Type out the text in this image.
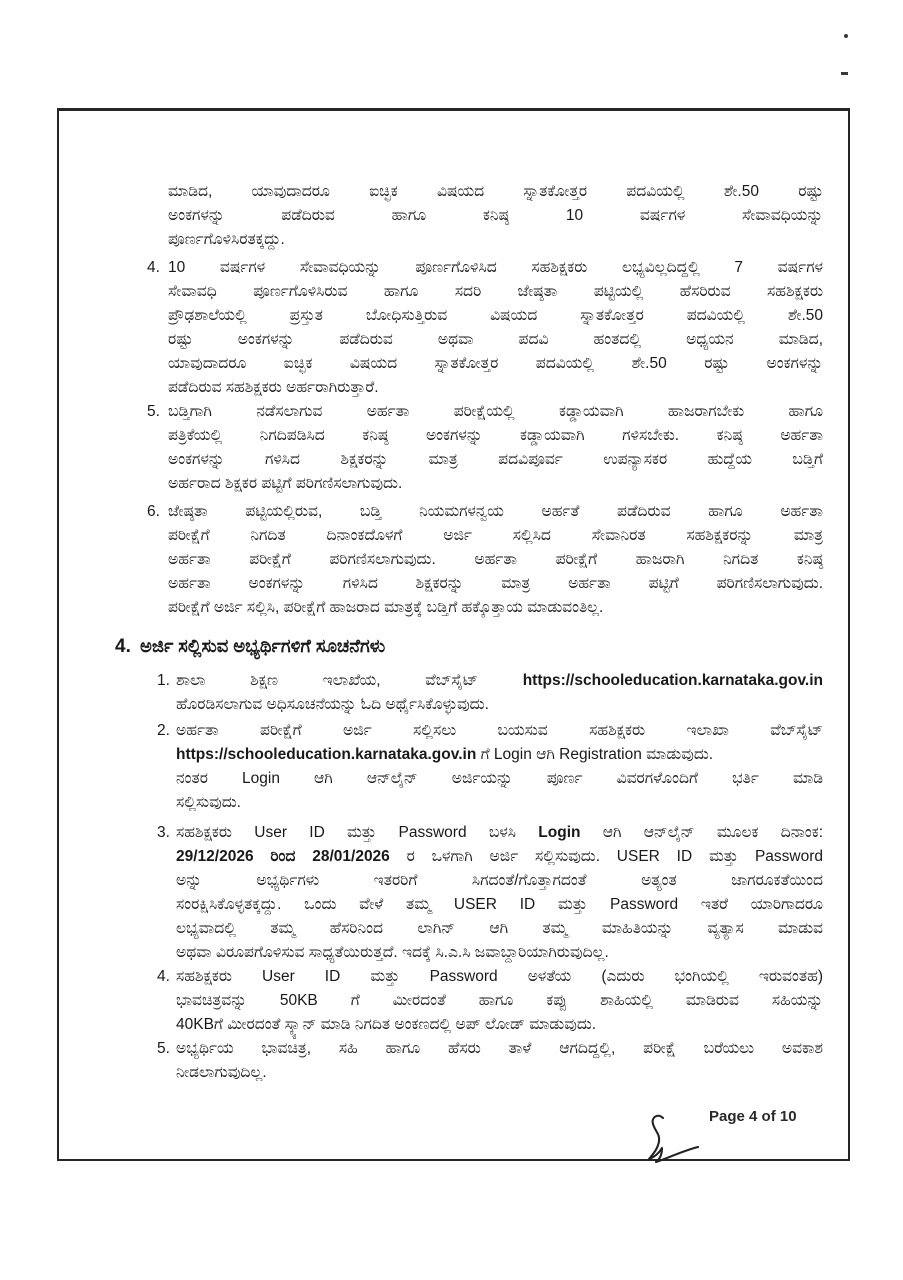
ಮಾಡಿದ, ಯಾವುದಾದರೂ ಐಚ್ಛಿಕ ವಿಷಯದ ಸ್ನಾತಕೋತ್ತರ ಪದವಿಯಲ್ಲಿ ಶೇ.50 ರಷ್ಟು
ಅಂಕಗಳನ್ನು ಪಡೆದಿರುವ ಹಾಗೂ ಕನಿಷ್ಠ 10 ವರ್ಷಗಳ ಸೇವಾವಧಿಯನ್ನು
ಪೂರ್ಣಗೊಳಿಸಿರತಕ್ಕದ್ದು.
4. 10 ವರ್ಷಗಳ ಸೇವಾವಧಿಯನ್ನು ಪೂರ್ಣಗೊಳಿಸಿದ ಸಹಶಿಕ್ಷಕರು ಲಭ್ಯವಿಲ್ಲದಿದ್ದಲ್ಲಿ 7 ವರ್ಷಗಳ
ಸೇವಾವಧಿ ಪೂರ್ಣಗೊಳಿಸಿರುವ ಹಾಗೂ ಸದರಿ ಜೇಷ್ಠತಾ ಪಟ್ಟಿಯಲ್ಲಿ ಹೆಸರಿರುವ ಸಹಶಿಕ್ಷಕರು
ಪ್ರೌಢಶಾಲೆಯಲ್ಲಿ ಪ್ರಸ್ತುತ ಬೋಧಿಸುತ್ತಿರುವ ವಿಷಯದ ಸ್ನಾತಕೋತ್ತರ ಪದವಿಯಲ್ಲಿ ಶೇ.50
ರಷ್ಟು ಅಂಕಗಳನ್ನು ಪಡೆದಿರುವ ಅಥವಾ ಪದವಿ ಹಂತದಲ್ಲಿ ಅಧ್ಯಯನ ಮಾಡಿದ,
ಯಾವುದಾದರೂ ಐಚ್ಛಿಕ ವಿಷಯದ ಸ್ನಾತಕೋತ್ತರ ಪದವಿಯಲ್ಲಿ ಶೇ.50 ರಷ್ಟು ಅಂಕಗಳನ್ನು
ಪಡೆದಿರುವ ಸಹಶಿಕ್ಷಕರು ಅರ್ಹರಾಗಿರುತ್ತಾರೆ.
5. ಬಡ್ತಿಗಾಗಿ ನಡೆಸಲಾಗುವ ಅರ್ಹತಾ ಪರೀಕ್ಷೆಯಲ್ಲಿ ಕಡ್ಡಾಯವಾಗಿ ಹಾಜರಾಗಬೇಕು ಹಾಗೂ
ಪತ್ರಿಕೆಯಲ್ಲಿ ನಿಗದಿಪಡಿಸಿದ ಕನಿಷ್ಠ ಅಂಕಗಳನ್ನು ಕಡ್ಡಾಯವಾಗಿ ಗಳಿಸಬೇಕು. ಕನಿಷ್ಠ ಅರ್ಹತಾ
ಅಂಕಗಳನ್ನು ಗಳಿಸಿದ ಶಿಕ್ಷಕರನ್ನು ಮಾತ್ರ ಪದವಿಪೂರ್ವ ಉಪನ್ಯಾಸಕರ ಹುದ್ದೆಯ ಬಡ್ತಿಗೆ
ಅರ್ಹರಾದ ಶಿಕ್ಷಕರ ಪಟ್ಟಿಗೆ ಪರಿಗಣಿಸಲಾಗುವುದು.
6. ಜೇಷ್ಠತಾ ಪಟ್ಟಿಯಲ್ಲಿರುವ, ಬಡ್ತಿ ನಿಯಮಗಳನ್ವಯ ಅರ್ಹತೆ ಪಡೆದಿರುವ ಹಾಗೂ ಅರ್ಹತಾ
ಪರೀಕ್ಷೆಗೆ ನಿಗದಿತ ದಿನಾಂಕದೊಳಗೆ ಅರ್ಜಿ ಸಲ್ಲಿಸಿದ ಸೇವಾನಿರತ ಸಹಶಿಕ್ಷಕರನ್ನು ಮಾತ್ರ
ಅರ್ಹತಾ ಪರೀಕ್ಷೆಗೆ ಪರಿಗಣಿಸಲಾಗುವುದು. ಅರ್ಹತಾ ಪರೀಕ್ಷೆಗೆ ಹಾಜರಾಗಿ ನಿಗದಿತ ಕನಿಷ್ಠ
ಅರ್ಹತಾ ಅಂಕಗಳನ್ನು ಗಳಿಸಿದ ಶಿಕ್ಷಕರನ್ನು ಮಾತ್ರ ಅರ್ಹತಾ ಪಟ್ಟಿಗೆ ಪರಿಗಣಿಸಲಾಗುವುದು.
ಪರೀಕ್ಷೆಗೆ ಅರ್ಜಿ ಸಲ್ಲಿಸಿ, ಪರೀಕ್ಷೆಗೆ ಹಾಜರಾದ ಮಾತ್ರಕ್ಕೆ ಬಡ್ತಿಗೆ ಹಕ್ಕೊತ್ತಾಯ ಮಾಡುವಂತಿಲ್ಲ.
4. ಅರ್ಜಿ ಸಲ್ಲಿಸುವ ಅಭ್ಯರ್ಥಿಗಳಿಗೆ ಸೂಚನೆಗಳು
1. ಶಾಲಾ ಶಿಕ್ಷಣ ಇಲಾಖೆಯ, ವೆಬ್‌ಸೈಟ್ https://schooleducation.karnataka.gov.in
ಹೊರಡಿಸಲಾಗುವ ಅಧಿಸೂಚನೆಯನ್ನು ಓದಿ ಅರ್ಥೈಸಿಕೊಳ್ಳುವುದು.
2. ಅರ್ಹತಾ ಪರೀಕ್ಷೆಗೆ ಅರ್ಜಿ ಸಲ್ಲಿಸಲು ಬಯಸುವ ಸಹಶಿಕ್ಷಕರು ಇಲಾಖಾ ವೆಬ್‌ಸೈಟ್
https://schooleducation.karnataka.gov.in ಗೆ Login ಆಗಿ Registration ಮಾಡುವುದು.
ನಂತರ Login ಆಗಿ ಆನ್‌ಲೈನ್ ಅರ್ಜಿಯನ್ನು ಪೂರ್ಣ ವಿವರಗಳೊಂದಿಗೆ ಭರ್ತಿ ಮಾಡಿ
ಸಲ್ಲಿಸುವುದು.
3. ಸಹಶಿಕ್ಷಕರು User ID ಮತ್ತು Password ಬಳಸಿ Login ಆಗಿ ಆನ್‌ಲೈನ್ ಮೂಲಕ ದಿನಾಂಕ:
29/12/2026 ರಿಂದ 28/01/2026 ರ ಒಳಗಾಗಿ ಅರ್ಜಿ ಸಲ್ಲಿಸುವುದು. USER ID ಮತ್ತು Password
ಅನ್ನು ಅಭ್ಯರ್ಥಿಗಳು ಇತರರಿಗೆ ಸಿಗದಂತೆ/ಗೊತ್ತಾಗದಂತೆ ಅತ್ಯಂತ ಜಾಗರೂಕತೆಯಿಂದ
ಸಂರಕ್ಷಿಸಿಕೊಳ್ಳತಕ್ಕದ್ದು. ಒಂದು ವೇಳೆ ತಮ್ಮ USER ID ಮತ್ತು Password ಇತರೆ ಯಾರಿಗಾದರೂ
ಲಭ್ಯವಾದಲ್ಲಿ ತಮ್ಮ ಹೆಸರಿನಿಂದ ಲಾಗಿನ್ ಆಗಿ ತಮ್ಮ ಮಾಹಿತಿಯನ್ನು ವ್ಯತ್ಯಾಸ ಮಾಡುವ
ಅಥವಾ ವಿರೂಪಗೊಳಿಸುವ ಸಾಧ್ಯತೆಯಿರುತ್ತದೆ. ಇದಕ್ಕೆ ಸಿ.ಎ.ಸಿ ಜವಾಬ್ದಾರಿಯಾಗಿರುವುದಿಲ್ಲ.
4. ಸಹಶಿಕ್ಷಕರು User ID ಮತ್ತು Password ಅಳತೆಯ (ಎದುರು ಭಂಗಿಯಲ್ಲಿ ಇರುವಂತಹ)
ಭಾವಚಿತ್ರವನ್ನು 50KB ಗೆ ಮೀರದಂತೆ ಹಾಗೂ ಕಪ್ಪು ಶಾಹಿಯಲ್ಲಿ ಮಾಡಿರುವ ಸಹಿಯನ್ನು
40KBಗೆ ಮೀರದಂತೆ ಸ್ಕ್ಯಾನ್ ಮಾಡಿ ನಿಗದಿತ ಅಂಕಣದಲ್ಲಿ ಅಪ್ ಲೋಡ್ ಮಾಡುವುದು.
5. ಅಭ್ಯರ್ಥಿಯ ಭಾವಚಿತ್ರ, ಸಹಿ ಹಾಗೂ ಹೆಸರು ತಾಳೆ ಆಗದಿದ್ದಲ್ಲಿ, ಪರೀಕ್ಷೆ ಬರೆಯಲು ಅವಕಾಶ
ನೀಡಲಾಗುವುದಿಲ್ಲ.
Page 4 of 10
